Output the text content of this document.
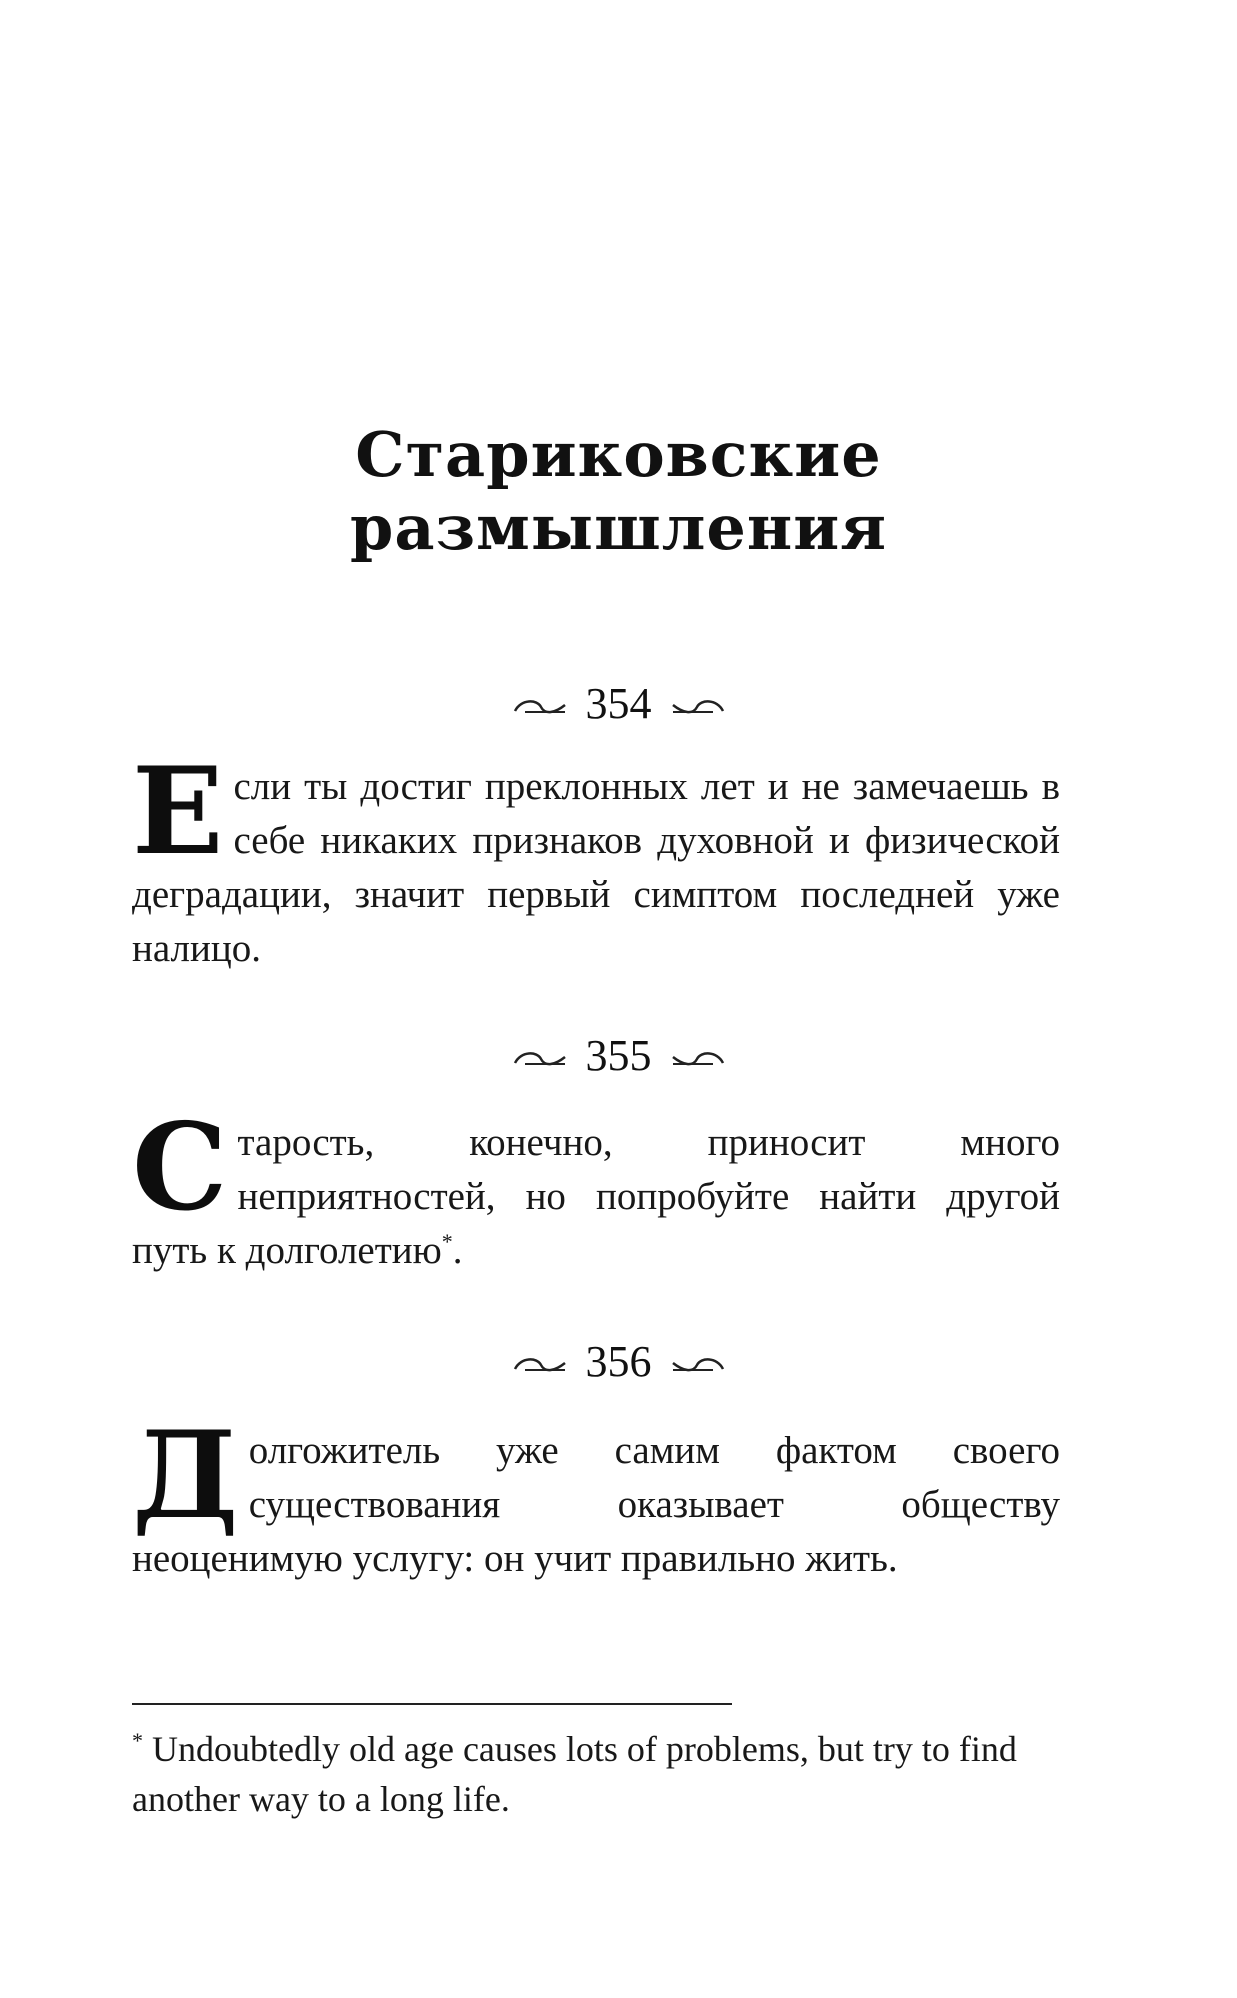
Стариковские размышления
354

Если ты достиг преклонных лет и не замечаешь в себе никаких признаков духовной и физической деградации, значит первый симптом последней уже налицо.

355

Старость, конечно, приносит много неприятностей, но попробуйте найти другой путь к долголетию*.

356

Долгожитель уже самим фактом своего существования оказывает обществу неоценимую услугу: он учит правильно жить.

* Undoubtedly old age causes lots of problems, but try to find another way to a long life.
